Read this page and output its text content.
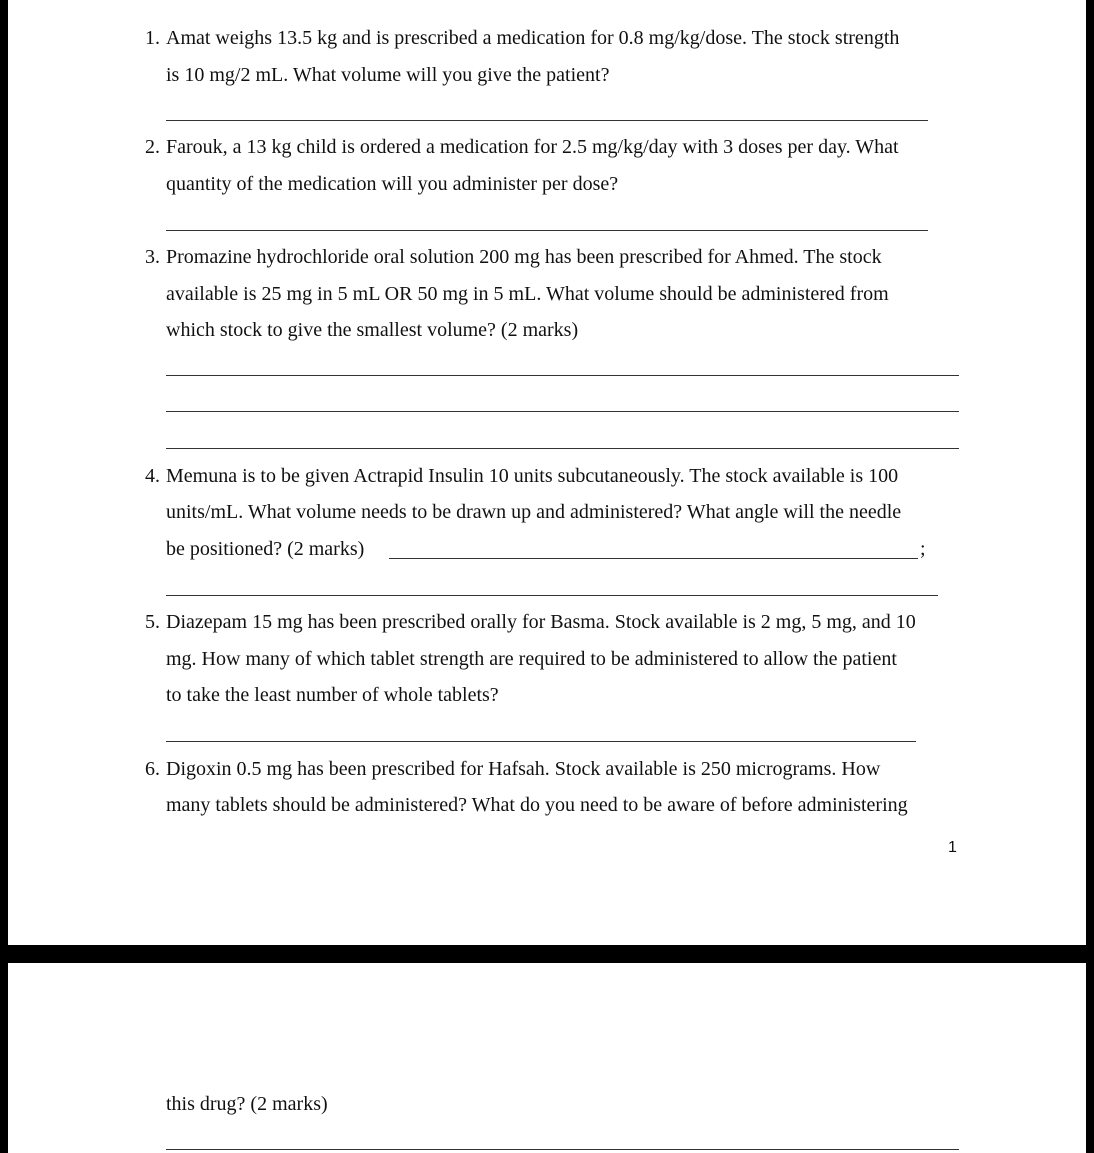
1. Amat weighs 13.5 kg and is prescribed a medication for 0.8 mg/kg/dose. The stock strength
is 10 mg/2 mL. What volume will you give the patient?
2. Farouk, a 13 kg child is ordered a medication for 2.5 mg/kg/day with 3 doses per day. What
quantity of the medication will you administer per dose?
3. Promazine hydrochloride oral solution 200 mg has been prescribed for Ahmed. The stock
available is 25 mg in 5 mL OR 50 mg in 5 mL. What volume should be administered from
which stock to give the smallest volume? (2 marks)
4. Memuna is to be given Actrapid Insulin 10 units subcutaneously. The stock available is 100
units/mL. What volume needs to be drawn up and administered? What angle will the needle
be positioned? (2 marks)	;
5. Diazepam 15 mg has been prescribed orally for Basma. Stock available is 2 mg, 5 mg, and 10
mg. How many of which tablet strength are required to be administered to allow the patient
to take the least number of whole tablets?
6. Digoxin 0.5 mg has been prescribed for Hafsah. Stock available is 250 micrograms. How
many tablets should be administered? What do you need to be aware of before administering
1
this drug? (2 marks)
